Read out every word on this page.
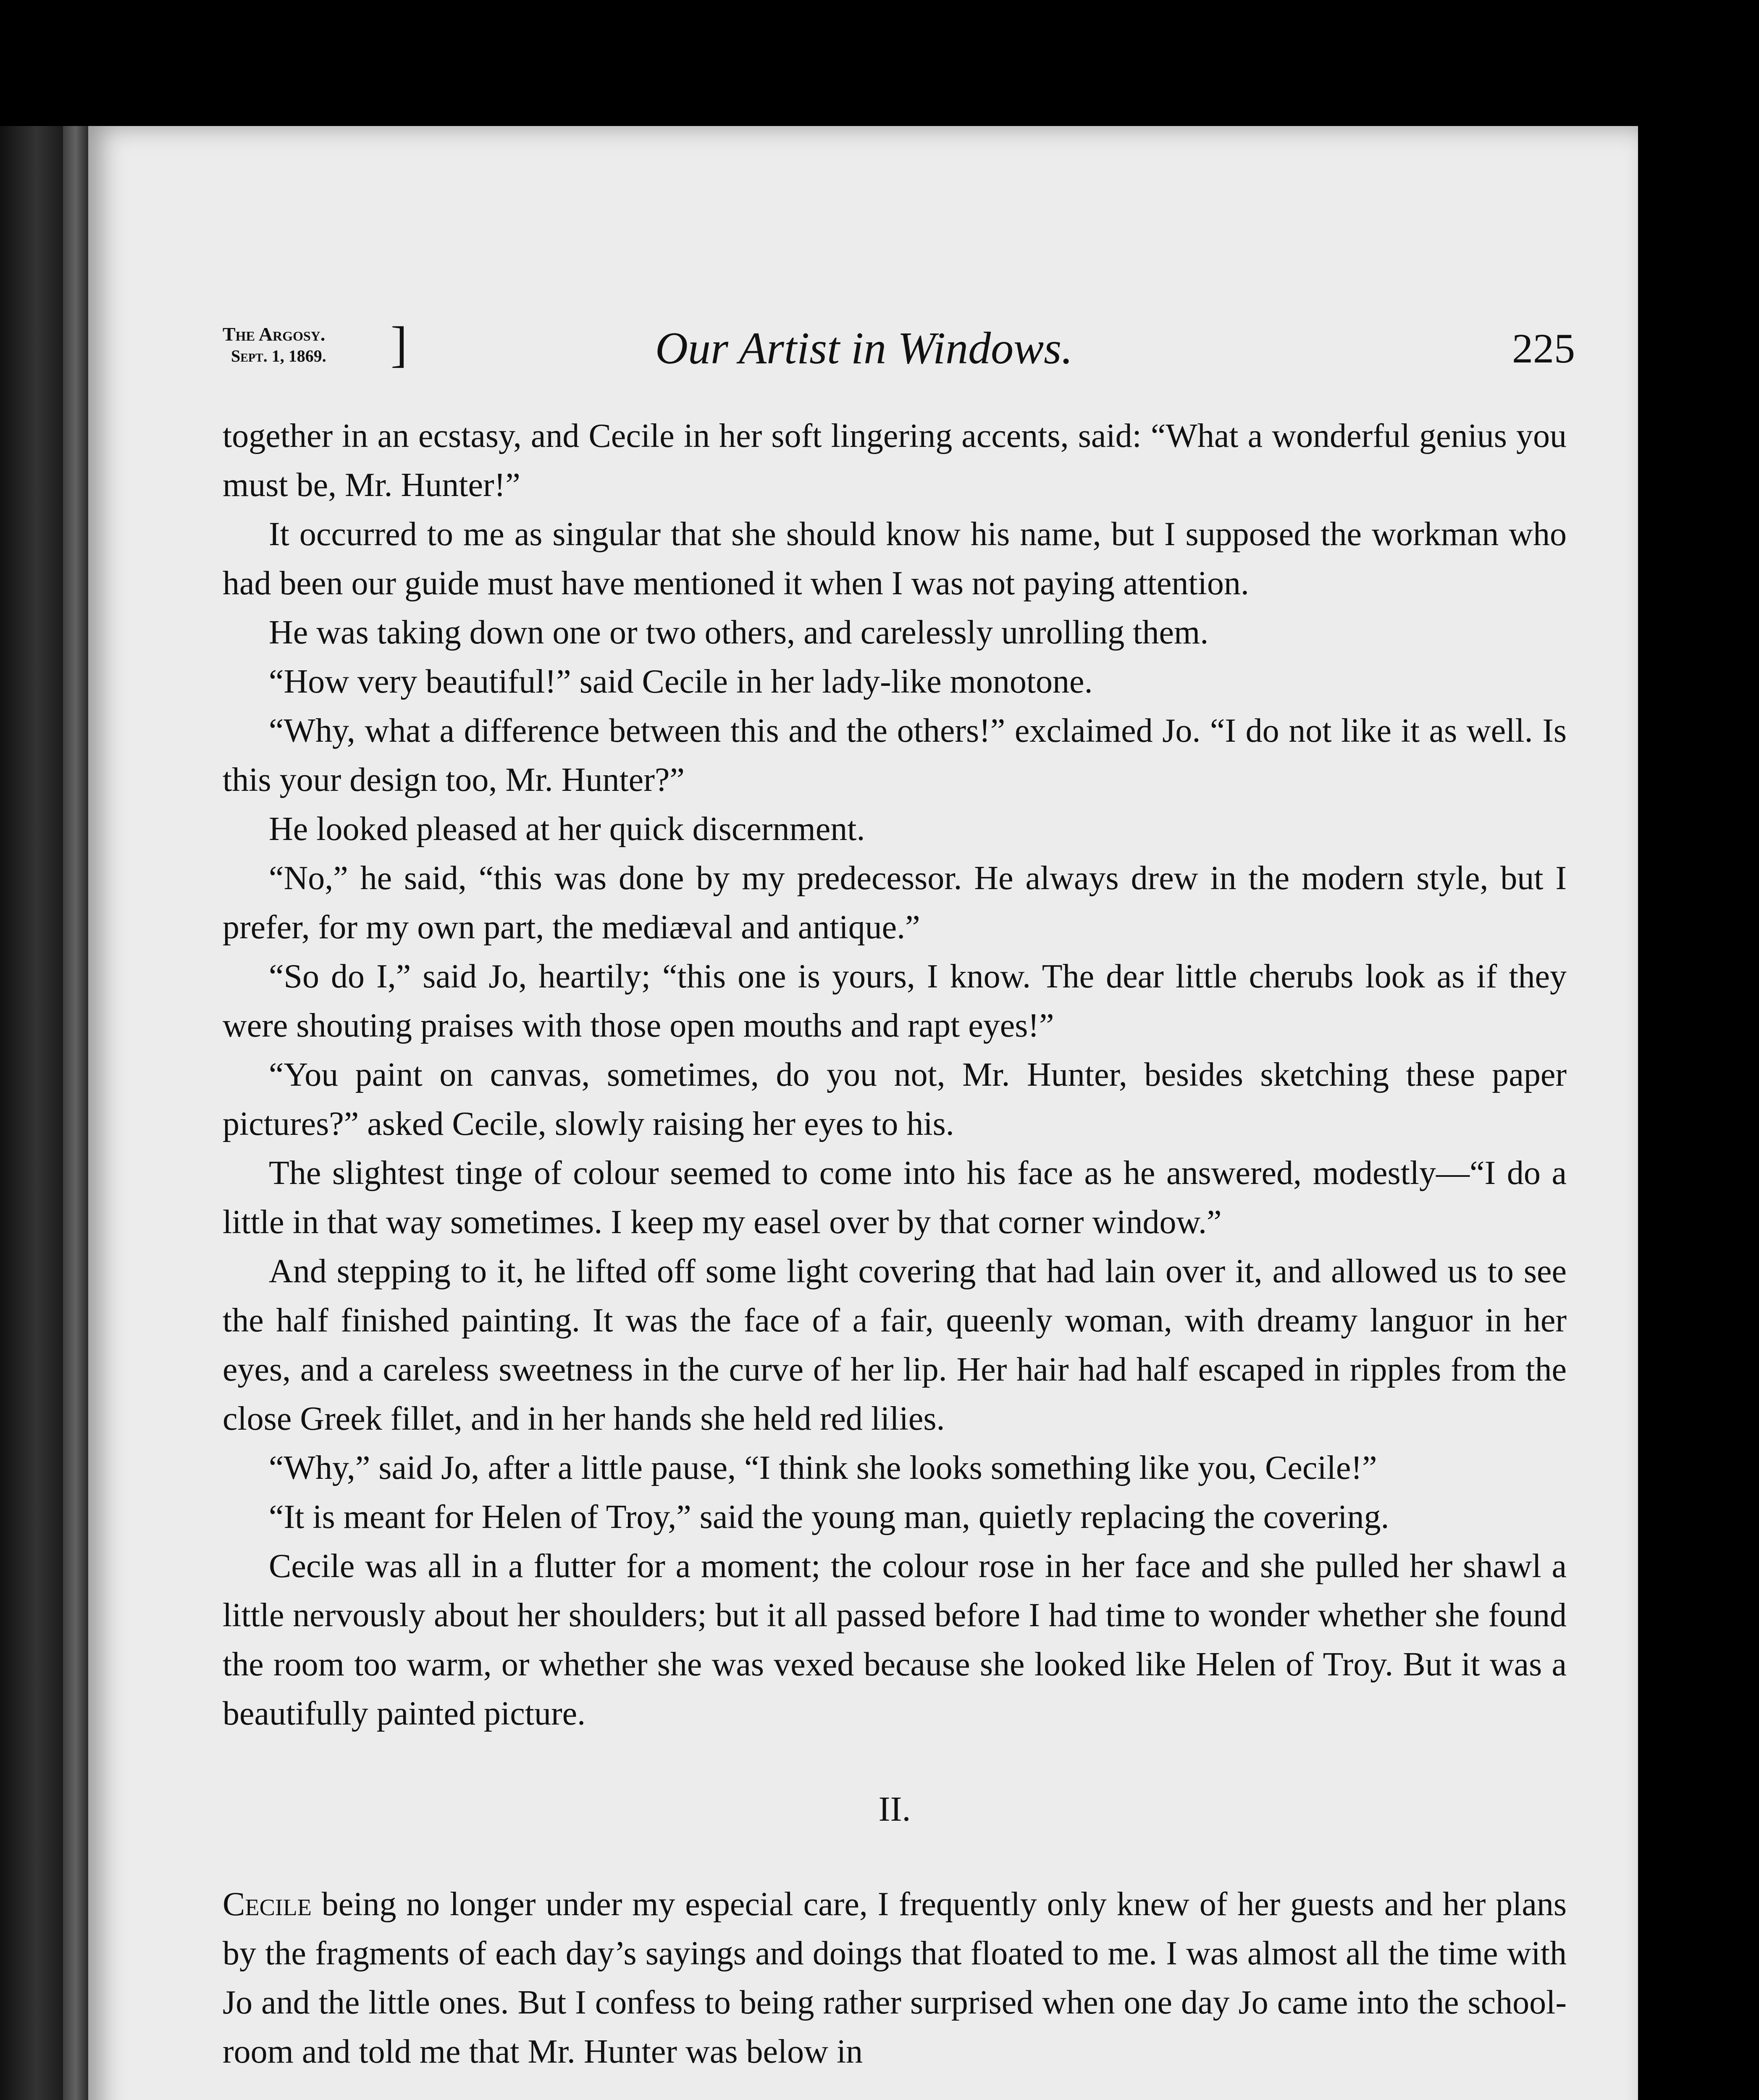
The Argosy.
Sept. 1, 1869. ]	Our Artist in Windows.	225

together in an ecstasy, and Cecile in her soft lingering accents, said: “What a wonderful genius you must be, Mr. Hunter!”

It occurred to me as singular that she should know his name, but I supposed the workman who had been our guide must have mentioned it when I was not paying attention.

He was taking down one or two others, and carelessly unrolling them.

“How very beautiful!” said Cecile in her lady-like monotone.

“Why, what a difference between this and the others!” exclaimed Jo. “I do not like it as well. Is this your design too, Mr. Hunter?”

He looked pleased at her quick discernment.

“No,” he said, “this was done by my predecessor. He always drew in the modern style, but I prefer, for my own part, the mediæval and antique.”

“So do I,” said Jo, heartily; “this one is yours, I know. The dear little cherubs look as if they were shouting praises with those open mouths and rapt eyes!”

“You paint on canvas, sometimes, do you not, Mr. Hunter, besides sketching these paper pictures?” asked Cecile, slowly raising her eyes to his.

The slightest tinge of colour seemed to come into his face as he answered, modestly—“I do a little in that way sometimes. I keep my easel over by that corner window.”

And stepping to it, he lifted off some light covering that had lain over it, and allowed us to see the half finished painting. It was the face of a fair, queenly woman, with dreamy languor in her eyes, and a careless sweetness in the curve of her lip. Her hair had half escaped in ripples from the close Greek fillet, and in her hands she held red lilies.

“Why,” said Jo, after a little pause, “I think she looks something like you, Cecile!”

“It is meant for Helen of Troy,” said the young man, quietly replacing the covering.

Cecile was all in a flutter for a moment; the colour rose in her face and she pulled her shawl a little nervously about her shoulders; but it all passed before I had time to wonder whether she found the room too warm, or whether she was vexed because she looked like Helen of Troy. But it was a beautifully painted picture.

II.

Cecile being no longer under my especial care, I frequently only knew of her guests and her plans by the fragments of each day’s sayings and doings that floated to me. I was almost all the time with Jo and the little ones. But I confess to being rather surprised when one day Jo came into the school-room and told me that Mr. Hunter was below in
